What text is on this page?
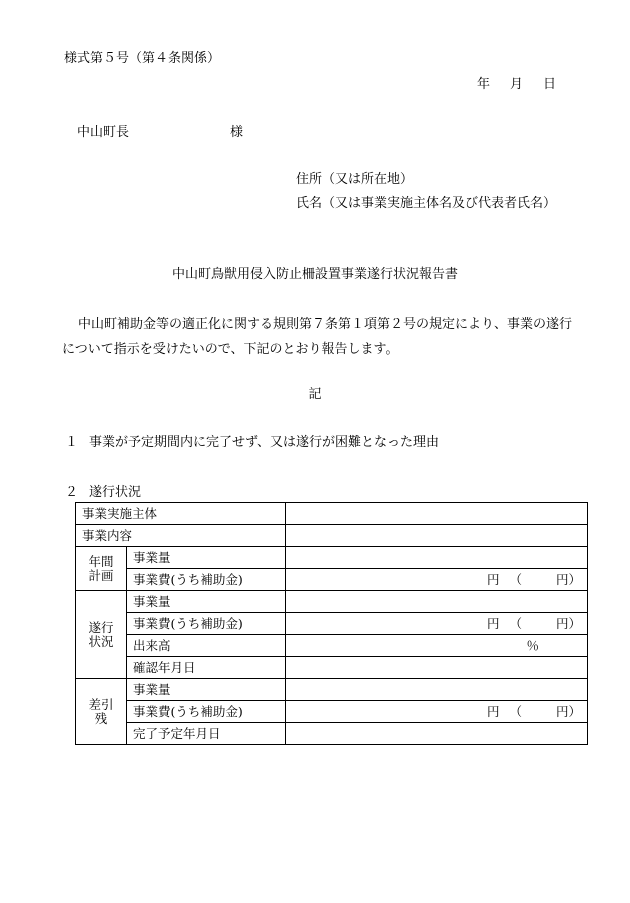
様式第５号（第４条関係）
年 月 日
中山町長	様
住所（又は所在地）
氏名（又は事業実施主体名及び代表者氏名）
中山町鳥獣用侵入防止柵設置事業遂行状況報告書
中山町補助金等の適正化に関する規則第７条第１項第２号の規定により、事業の遂行
について指示を受けたいので、下記のとおり報告します。
記
１ 事業が予定期間内に完了せず、又は遂行が困難となった理由
２ 遂行状況
事業実施主体		
事業内容		
年間
計画	事業量	
	事業費(うち補助金)	円 （ 円）

遂行
状況	事業量	
	事業費(うち補助金)	円 （ 円）

	出来高	％

	確認年月日	
差引
残	事業量	
	事業費(うち補助金)	円 （ 円）

	完了予定年月日	
